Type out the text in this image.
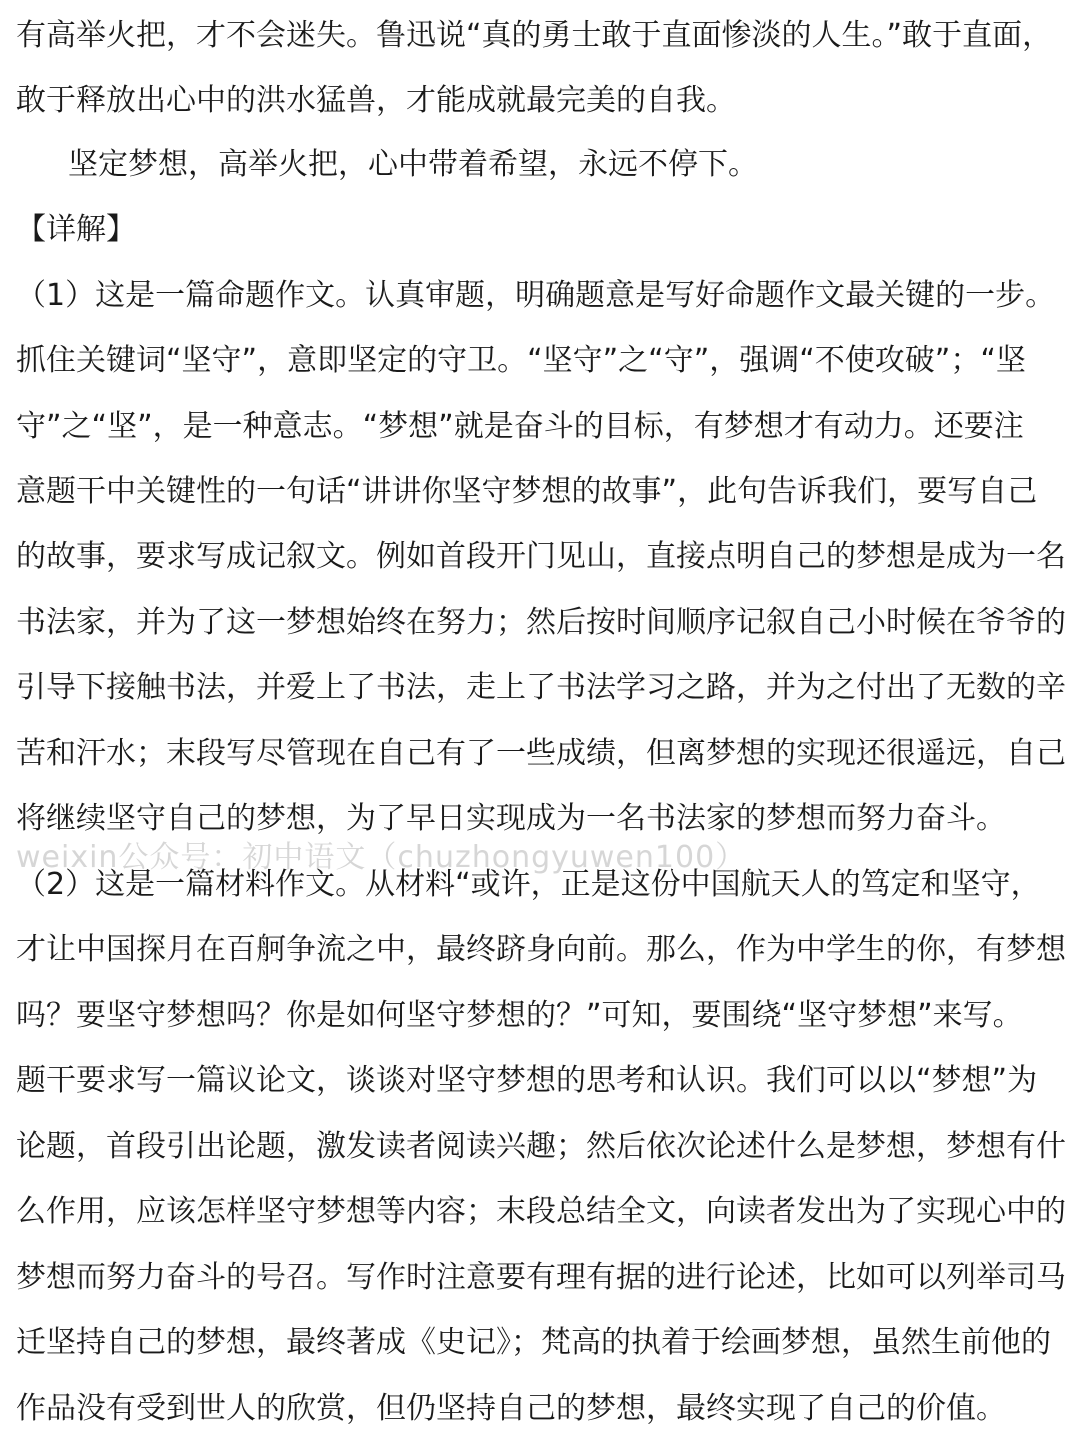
weixin公众号：初中语文（chuzhongyuwen100）
有高举火把，才不会迷失。鲁迅说“真的勇士敢于直面惨淡的人生。”敢于直面，
敢于释放出心中的洪水猛兽，才能成就最完美的自我。
坚定梦想，高举火把，心中带着希望，永远不停下。
【详解】
（1）这是一篇命题作文。认真审题，明确题意是写好命题作文最关键的一步。
抓住关键词“坚守”，意即坚定的守卫。“坚守”之“守”，强调“不使攻破”；“坚
守”之“坚”，是一种意志。“梦想”就是奋斗的目标，有梦想才有动力。还要注
意题干中关键性的一句话“讲讲你坚守梦想的故事”，此句告诉我们，要写自己
的故事，要求写成记叙文。例如首段开门见山，直接点明自己的梦想是成为一名
书法家，并为了这一梦想始终在努力；然后按时间顺序记叙自己小时候在爷爷的
引导下接触书法，并爱上了书法，走上了书法学习之路，并为之付出了无数的辛
苦和汗水；末段写尽管现在自己有了一些成绩，但离梦想的实现还很遥远，自己
将继续坚守自己的梦想，为了早日实现成为一名书法家的梦想而努力奋斗。
（2）这是一篇材料作文。从材料“或许，正是这份中国航天人的笃定和坚守，
才让中国探月在百舸争流之中，最终跻身向前。那么，作为中学生的你，有梦想
吗？要坚守梦想吗？你是如何坚守梦想的？”可知，要围绕“坚守梦想”来写。
题干要求写一篇议论文，谈谈对坚守梦想的思考和认识。我们可以以“梦想”为
论题，首段引出论题，激发读者阅读兴趣；然后依次论述什么是梦想，梦想有什
么作用，应该怎样坚守梦想等内容；末段总结全文，向读者发出为了实现心中的
梦想而努力奋斗的号召。写作时注意要有理有据的进行论述，比如可以列举司马
迁坚持自己的梦想，最终著成《史记》；梵高的执着于绘画梦想，虽然生前他的
作品没有受到世人的欣赏，但仍坚持自己的梦想，最终实现了自己的价值。
